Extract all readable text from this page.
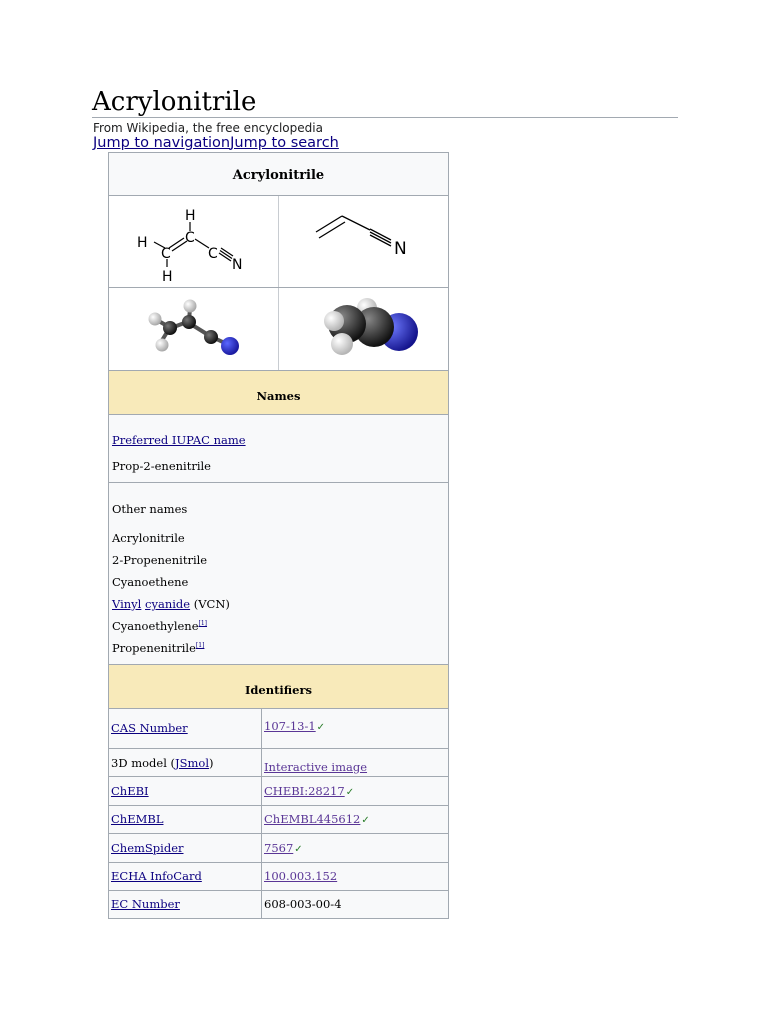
Acrylonitrile
From Wikipedia, the free encyclopedia
Jump to navigationJump to search
Acrylonitrile
H
H
H
C
C	C
N
N
Names
Preferred IUPAC name
Prop-2-enenitrile
Other names
Acrylonitrile
2-Propenenitrile
Cyanoethene
Vinyl cyanide (VCN)
Cyanoethylene[1]
Propenenitrile[1]
Identifiers
CAS Number	107-13-1✓
3D model (JSmol)	Interactive image
ChEBI	CHEBI:28217✓
ChEMBL	ChEMBL445612✓
ChemSpider	7567✓
ECHA InfoCard	100.003.152
EC Number	608-003-00-4
